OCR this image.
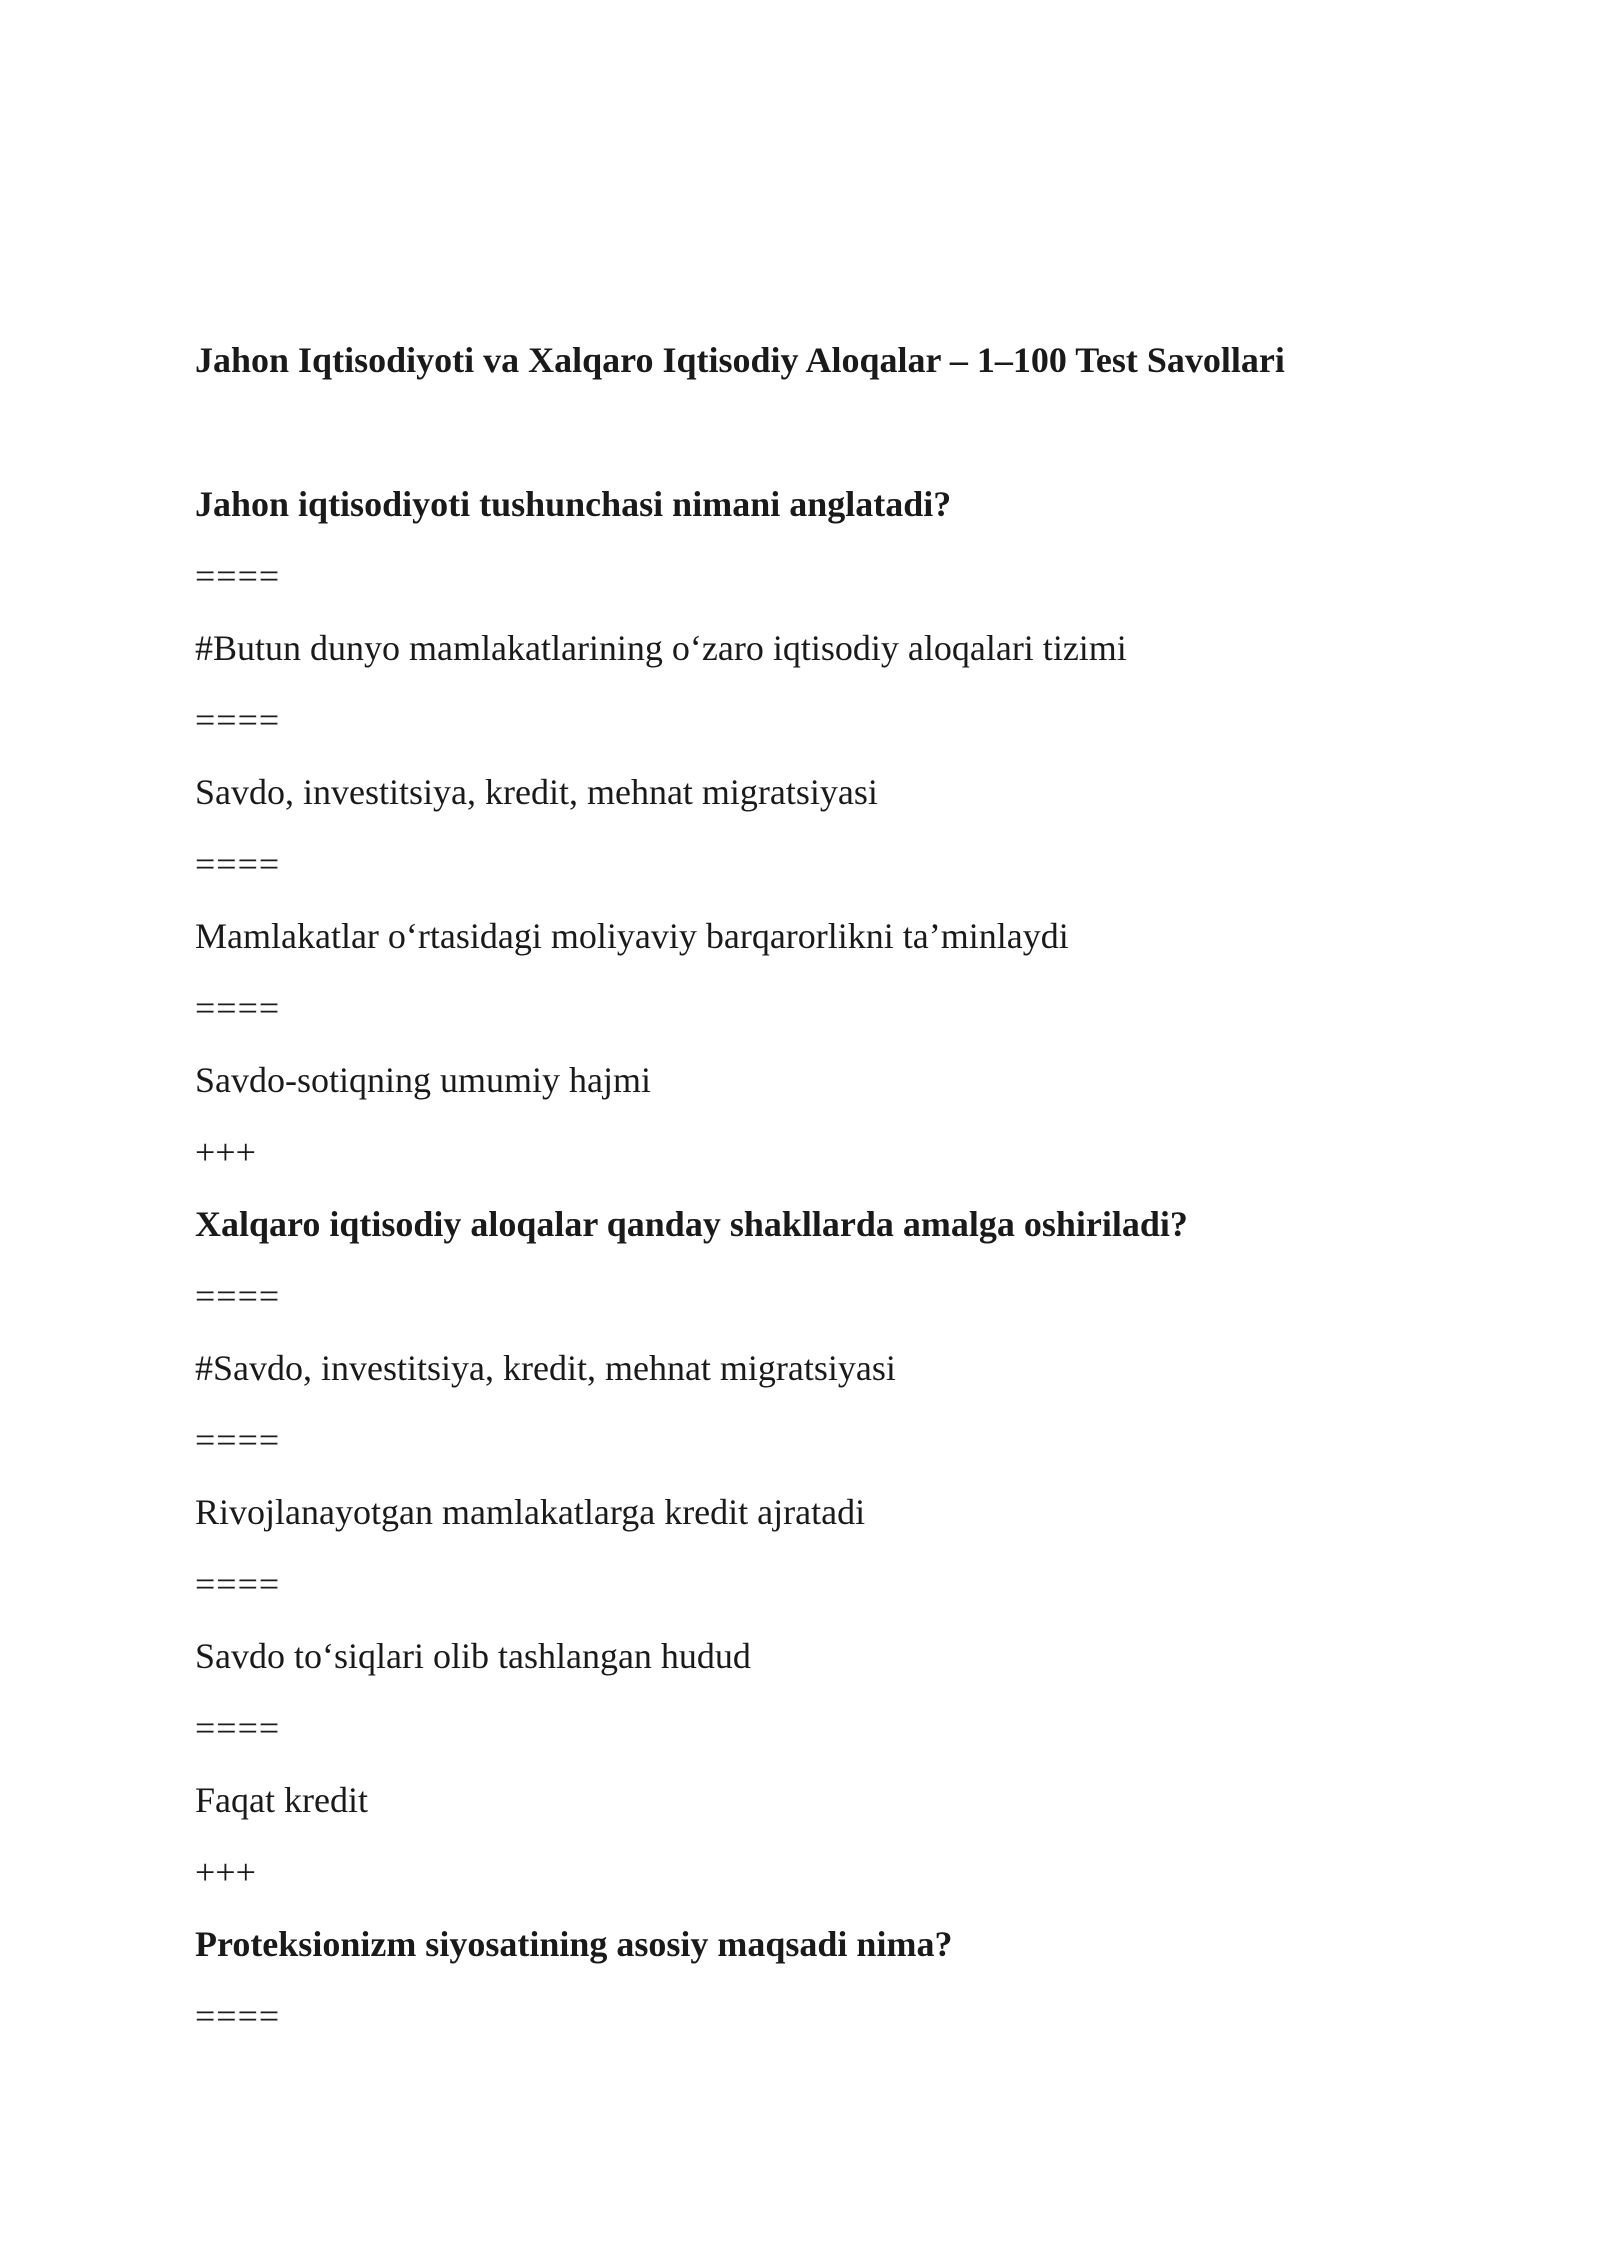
Jahon Iqtisodiyoti va Xalqaro Iqtisodiy Aloqalar – 1–100 Test Savollari
Jahon iqtisodiyoti tushunchasi nimani anglatadi?
====
#Butun dunyo mamlakatlarining o‘zaro iqtisodiy aloqalari tizimi
====
Savdo, investitsiya, kredit, mehnat migratsiyasi
====
Mamlakatlar o‘rtasidagi moliyaviy barqarorlikni ta’minlaydi
====
Savdo-sotiqning umumiy hajmi
+++
Xalqaro iqtisodiy aloqalar qanday shakllarda amalga oshiriladi?
====
#Savdo, investitsiya, kredit, mehnat migratsiyasi
====
Rivojlanayotgan mamlakatlarga kredit ajratadi
====
Savdo to‘siqlari olib tashlangan hudud
====
Faqat kredit
+++
Proteksionizm siyosatining asosiy maqsadi nima?
====
